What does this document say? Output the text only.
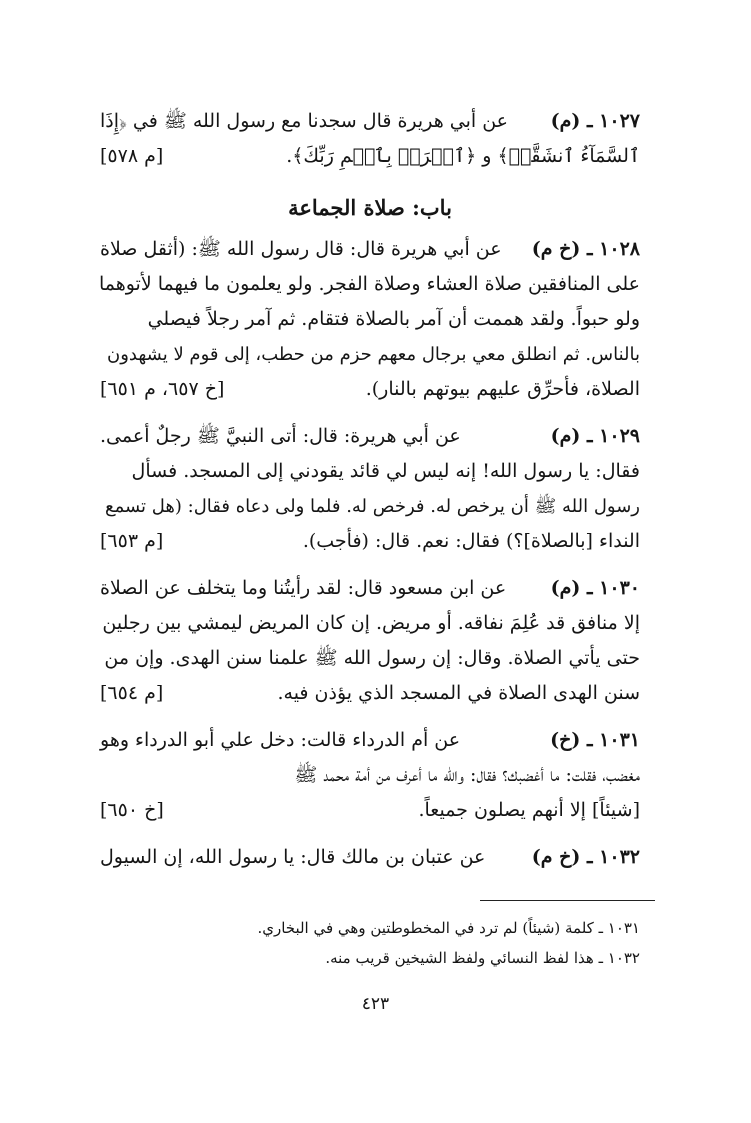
١٠٢٧ ـ (م)
عن أبي هريرة قال سجدنا مع رسول الله ﷺ في ﴿إِذَا
ٱلسَّمَآءُ ٱنشَقَّتۡ﴾ و ﴿ٱقۡرَأۡ بِٱسۡمِ رَبِّكَ﴾.
[م ٥٧٨]
باب: صلاة الجماعة
١٠٢٨ ـ (خ م)
عن أبي هريرة قال: قال رسول الله ﷺ: (أثقل صلاة
على المنافقين صلاة العشاء وصلاة الفجر. ولو يعلمون ما فيهما لأتوهما
ولو حبواً. ولقد هممت أن آمر بالصلاة فتقام. ثم آمر رجلاً فيصلي
بالناس. ثم انطلق معي برجال معهم حزم من حطب، إلى قوم لا يشهدون
الصلاة، فأحرِّق عليهم بيوتهم بالنار).
[خ ٦٥٧، م ٦٥١]
١٠٢٩ ـ (م)
عن أبي هريرة: قال: أتى النبيَّ ﷺ رجلٌ أعمى.
فقال: يا رسول الله! إنه ليس لي قائد يقودني إلى المسجد. فسأل
رسول الله ﷺ أن يرخص له. فرخص له. فلما ولى دعاه فقال: (هل تسمع
النداء [بالصلاة]؟) فقال: نعم. قال: (فأجب).
[م ٦٥٣]
١٠٣٠ ـ (م)
عن ابن مسعود قال: لقد رأيتُنا وما يتخلف عن الصلاة
إلا منافق قد عُلِمَ نفاقه. أو مريض. إن كان المريض ليمشي بين رجلين
حتى يأتي الصلاة. وقال: إن رسول الله ﷺ علمنا سنن الهدى. وإن من
سنن الهدى الصلاة في المسجد الذي يؤذن فيه.
[م ٦٥٤]
١٠٣١ ـ (خ)
عن أم الدرداء قالت: دخل علي أبو الدرداء وهو
مغضب، فقلت: ما أغضبك؟ فقال: والله ما أعرف من أمة محمد ﷺ
[شيئاً] إلا أنهم يصلون جميعاً.
[خ ٦٥٠]
١٠٣٢ ـ (خ م)
عن عتبان بن مالك قال: يا رسول الله، إن السيول
١٠٣١ ـ كلمة (شيئاً) لم ترد في المخطوطتين وهي في البخاري.
١٠٣٢ ـ هذا لفظ النسائي ولفظ الشيخين قريب منه.
٤٢٣
